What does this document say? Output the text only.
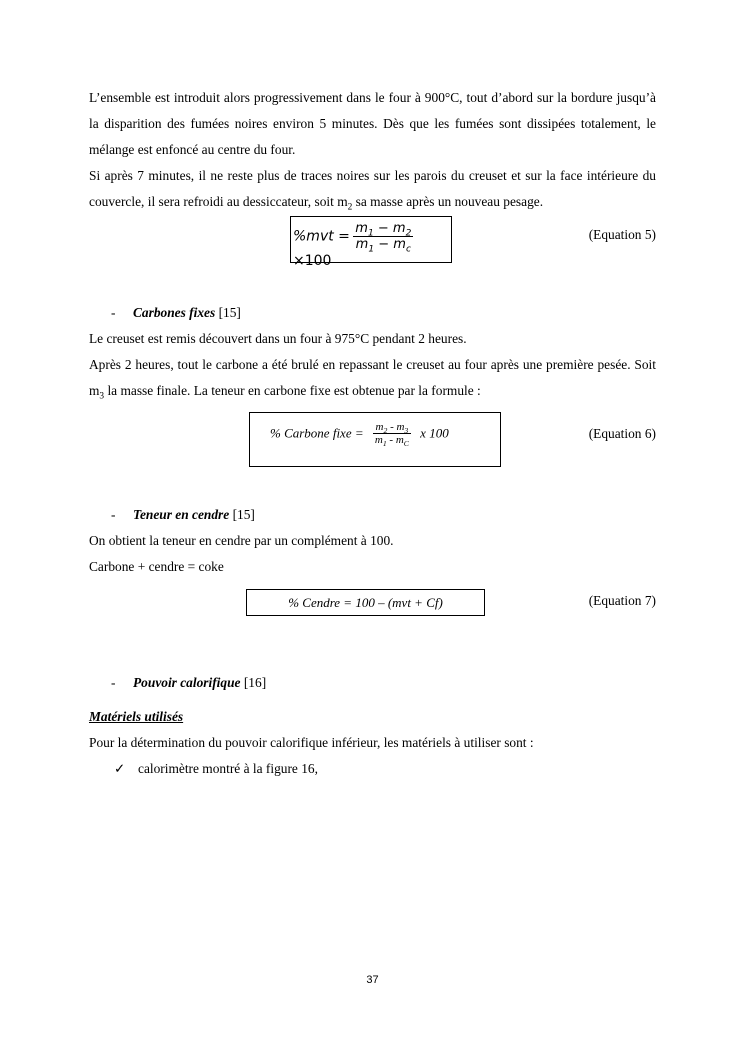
L’ensemble est introduit alors progressivement dans le four à 900°C, tout d’abord sur la bordure jusqu’à la disparition des fumées noires environ 5 minutes. Dès que les fumées sont dissipées totalement, le mélange est enfoncé au centre du four.

Si après 7 minutes, il ne reste plus de traces noires sur les parois du creuset et sur la face intérieure du couvercle, il sera refroidi au dessiccateur, soit $m_2$ sa masse après un nouveau pesage.

$\%mvt = \frac{m_1 - m_2}{m_1 - m_c}$
×100
(Equation 5)
- Carbones fixes [15]

Le creuset est remis découvert dans un four à 975°C pendant 2 heures.

Après 2 heures, tout le carbone a été brulé en repassant le creuset au four après une première pesée. Soit $m_3$ la masse finale. La teneur en carbone fixe est obtenue par la formule :

% Carbone fixe = $\frac{m_2 - m_3}{m_1 - m_C}$ x 100	(Equation 6)
- Teneur en cendre [15]

On obtient la teneur en cendre par un complément à 100.

Carbone + cendre = coke

% Cendre = 100 – (mvt + Cf)	(Equation 7)
- Pouvoir calorifique [16]

Matériels utilisés

Pour la détermination du pouvoir calorifique inférieur, les matériels à utiliser sont :

✓ calorimètre montré à la figure 16,
37
